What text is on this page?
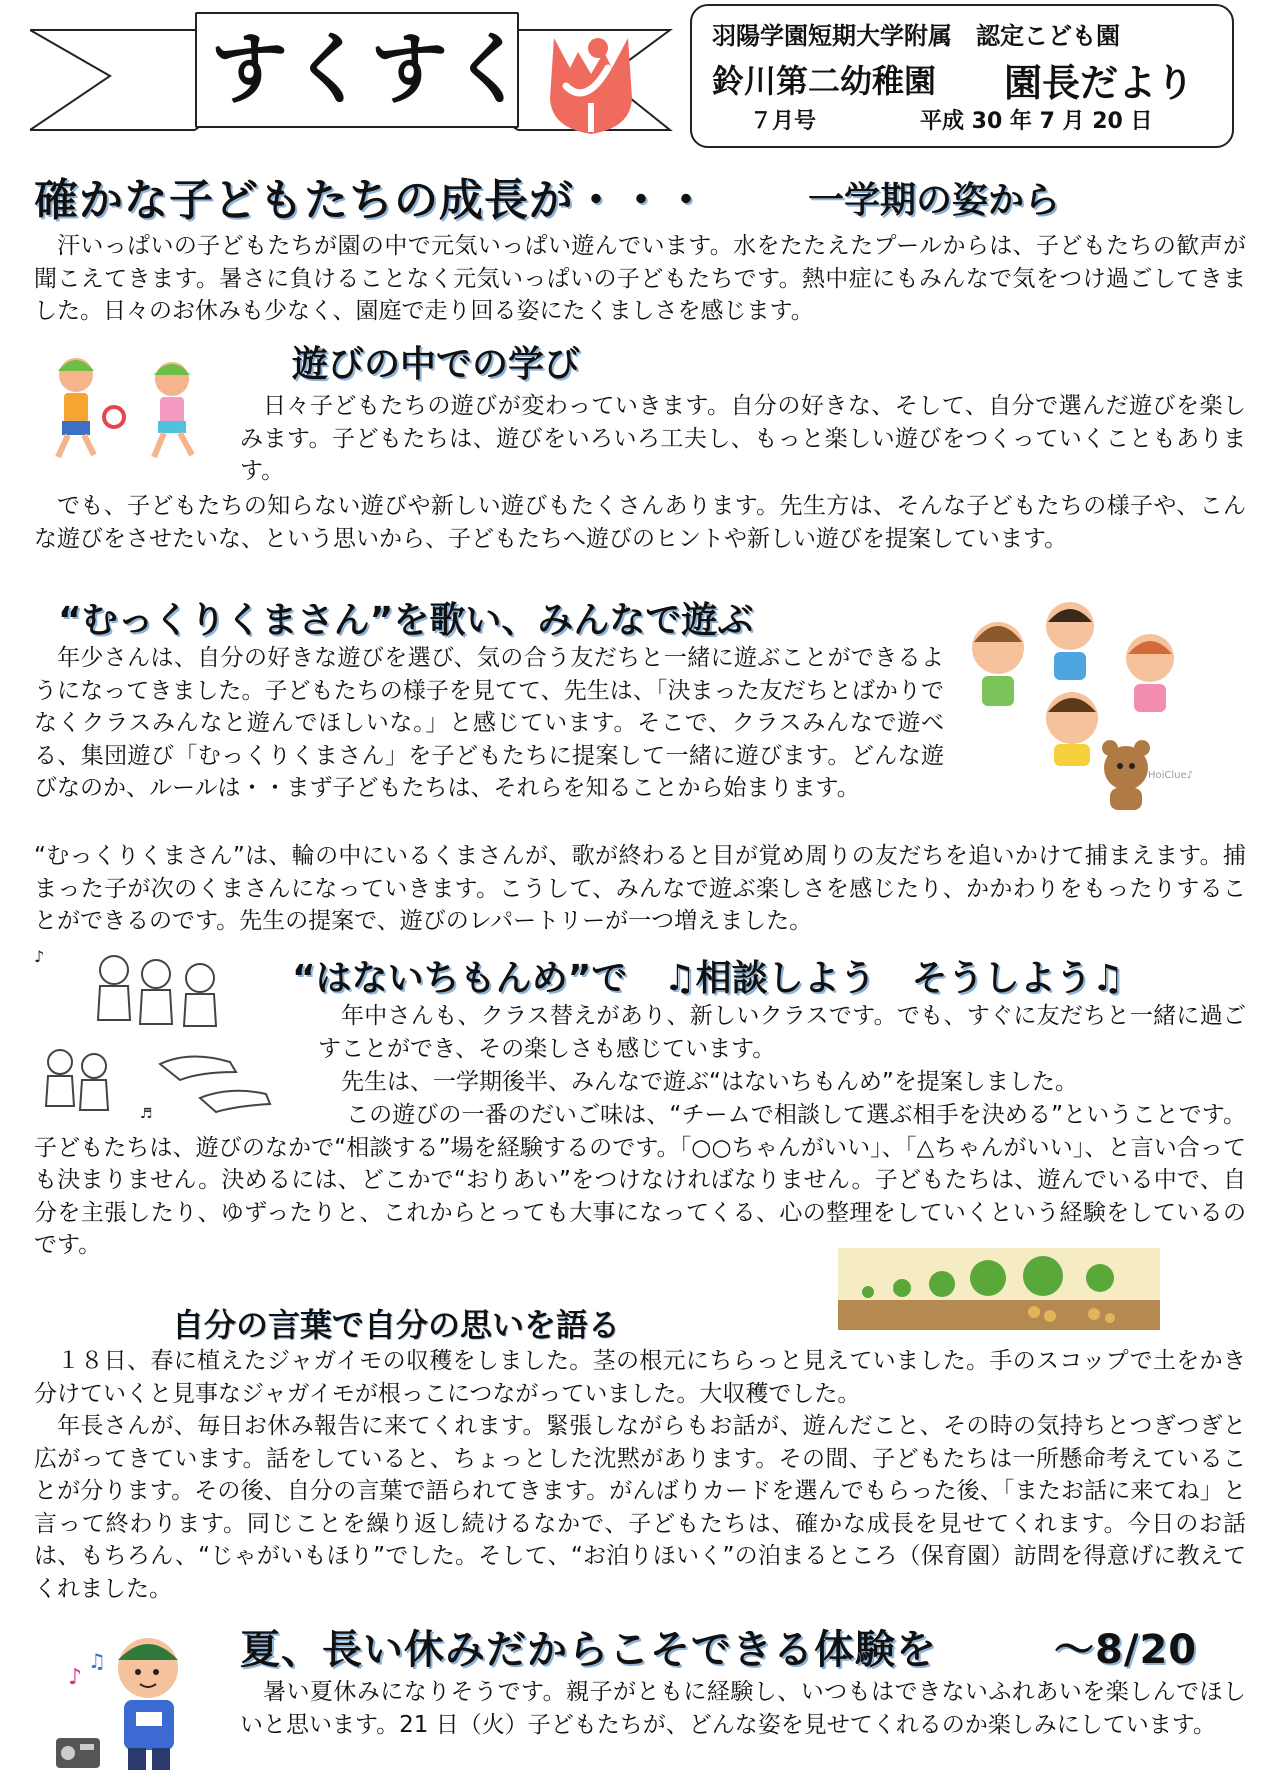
すくすく	羽陽学園短期大学附属　認定こども園
鈴川第二幼稚園 園長だより
７月号	平成 30 年 7 月 20 日
確かな子どもたちの成長が・・・	一学期の姿から

汗いっぱいの子どもたちが園の中で元気いっぱい遊んでいます。水をたたえたプールからは、子どもたちの歓声が聞こえてきます。暑さに負けることなく元気いっぱいの子どもたちです。熱中症にもみんなで気をつけ過ごしてきました。日々のお休みも少なく、園庭で走り回る姿にたくましさを感じます。

遊びの中での学び

日々子どもたちの遊びが変わっていきます。自分の好きな、そして、自分で選んだ遊びを楽しみます。子どもたちは、遊びをいろいろ工夫し、もっと楽しい遊びをつくっていくこともあります。

でも、子どもたちの知らない遊びや新しい遊びもたくさんあります。先生方は、そんな子どもたちの様子や、こんな遊びをさせたいな、という思いから、子どもたちへ遊びのヒントや新しい遊びを提案しています。

“むっくりくまさん”を歌い、みんなで遊ぶ

年少さんは、自分の好きな遊びを選び、気の合う友だちと一緒に遊ぶことができるようになってきました。子どもたちの様子を見てて、先生は、「決まった友だちとばかりでなくクラスみんなと遊んでほしいな。」と感じています。そこで、クラスみんなで遊べる、集団遊び「むっくりくまさん」を子どもたちに提案して一緒に遊びます。どんな遊びなのか、ルールは・・まず子どもたちは、それらを知ることから始まります。	HoiClue♪

“むっくりくまさん”は、輪の中にいるくまさんが、歌が終わると目が覚め周りの友だちを追いかけて捕まえます。捕まった子が次のくまさんになっていきます。こうして、みんなで遊ぶ楽しさを感じたり、かかわりをもったりすることができるのです。先生の提案で、遊びのレパートリーが一つ増えました。

♪
♬
“はないちもんめ”で　♫相談しよう　そうしよう♫

年中さんも、クラス替えがあり、新しいクラスです。でも、すぐに友だちと一緒に過ごすことができ、その楽しさも感じています。

先生は、一学期後半、みんなで遊ぶ“はないちもんめ”を提案しました。

この遊びの一番のだいご味は、“チームで相談して選ぶ相手を決める”ということです。子どもたちは、遊びのなかで“相談する”場を経験するのです。「○○ちゃんがいい」、「△ちゃんがいい」、と言い合っても決まりません。決めるには、どこかで“おりあい”をつけなければなりません。子どもたちは、遊んでいる中で、自分を主張したり、ゆずったりと、これからとっても大事になってくる、心の整理をしていくという経験をしているのです。

自分の言葉で自分の思いを語る

１８日、春に植えたジャガイモの収穫をしました。茎の根元にちらっと見えていました。手のスコップで土をかき分けていくと見事なジャガイモが根っこにつながっていました。大収穫でした。

年長さんが、毎日お休み報告に来てくれます。緊張しながらもお話が、遊んだこと、その時の気持ちとつぎつぎと広がってきています。話をしていると、ちょっとした沈黙があります。その間、子どもたちは一所懸命考えていることが分ります。その後、自分の言葉で語られてきます。がんばりカードを選んでもらった後、「またお話に来てね」と言って終わります。同じことを繰り返し続けるなかで、子どもたちは、確かな成長を見せてくれます。今日のお話は、もちろん、“じゃがいもほり”でした。そして、“お泊りほいく”の泊まるところ（保育園）訪問を得意げに教えてくれました。

♪
♫	夏、長い休みだからこそできる体験を	～8/20

暑い夏休みになりそうです。親子がともに経験し、いつもはできないふれあいを楽しんでほしいと思います。21 日（火）子どもたちが、どんな姿を見せてくれるのか楽しみにしています。
